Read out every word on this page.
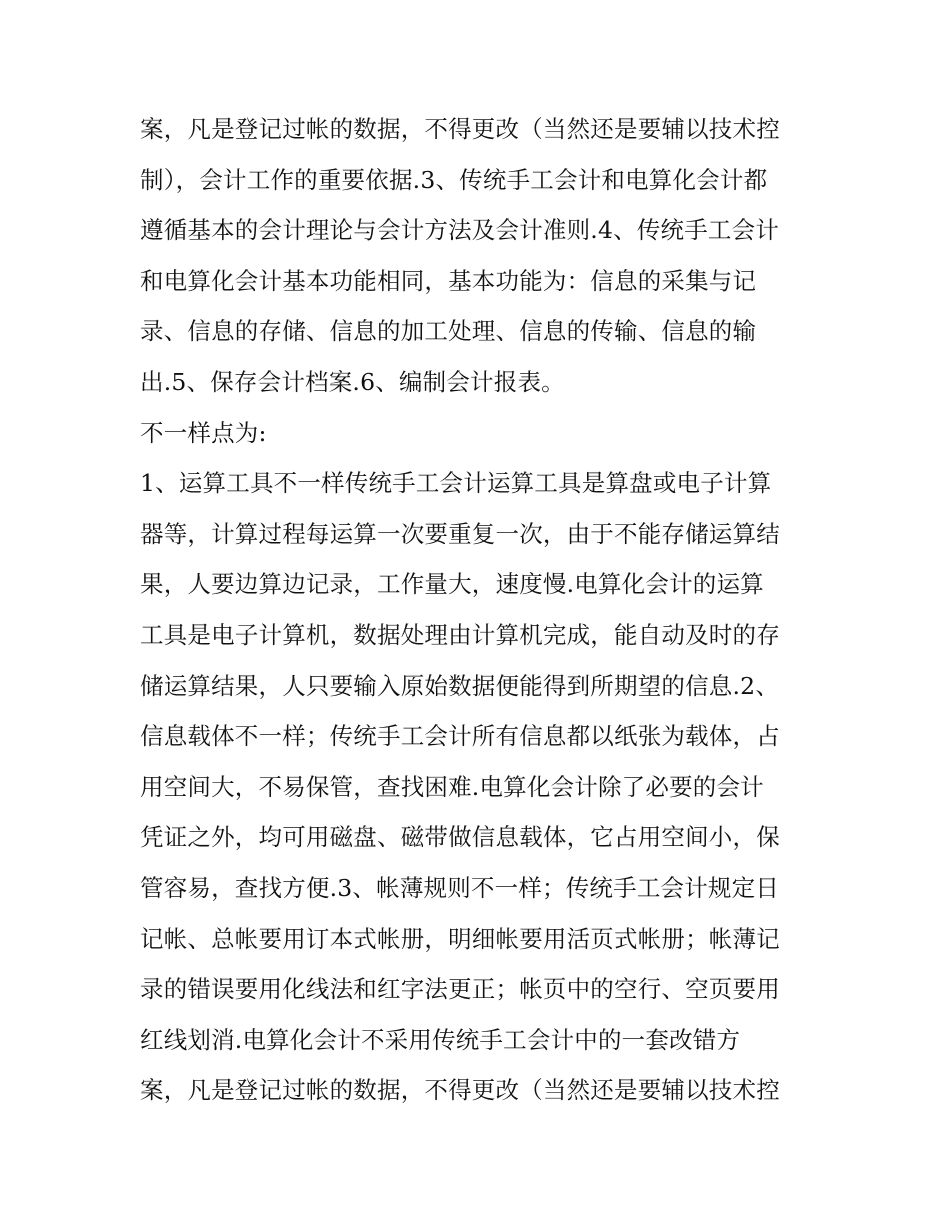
案，凡是登记过帐的数据，不得更改（当然还是要辅以技术控
制），会计工作的重要依据.3、传统手工会计和电算化会计都
遵循基本的会计理论与会计方法及会计准则.4、传统手工会计
和电算化会计基本功能相同，基本功能为：信息的采集与记
录、信息的存储、信息的加工处理、信息的传输、信息的输
出.5、保存会计档案.6、编制会计报表。
不一样点为:
1、运算工具不一样传统手工会计运算工具是算盘或电子计算
器等，计算过程每运算一次要重复一次，由于不能存储运算结
果，人要边算边记录，工作量大，速度慢.电算化会计的运算
工具是电子计算机，数据处理由计算机完成，能自动及时的存
储运算结果，人只要输入原始数据便能得到所期望的信息.2、
信息载体不一样；传统手工会计所有信息都以纸张为载体，占
用空间大，不易保管，查找困难.电算化会计除了必要的会计
凭证之外，均可用磁盘、磁带做信息载体，它占用空间小，保
管容易，查找方便.3、帐薄规则不一样；传统手工会计规定日
记帐、总帐要用订本式帐册，明细帐要用活页式帐册；帐薄记
录的错误要用化线法和红字法更正；帐页中的空行、空页要用
红线划消.电算化会计不采用传统手工会计中的一套改错方
案，凡是登记过帐的数据，不得更改（当然还是要辅以技术控
